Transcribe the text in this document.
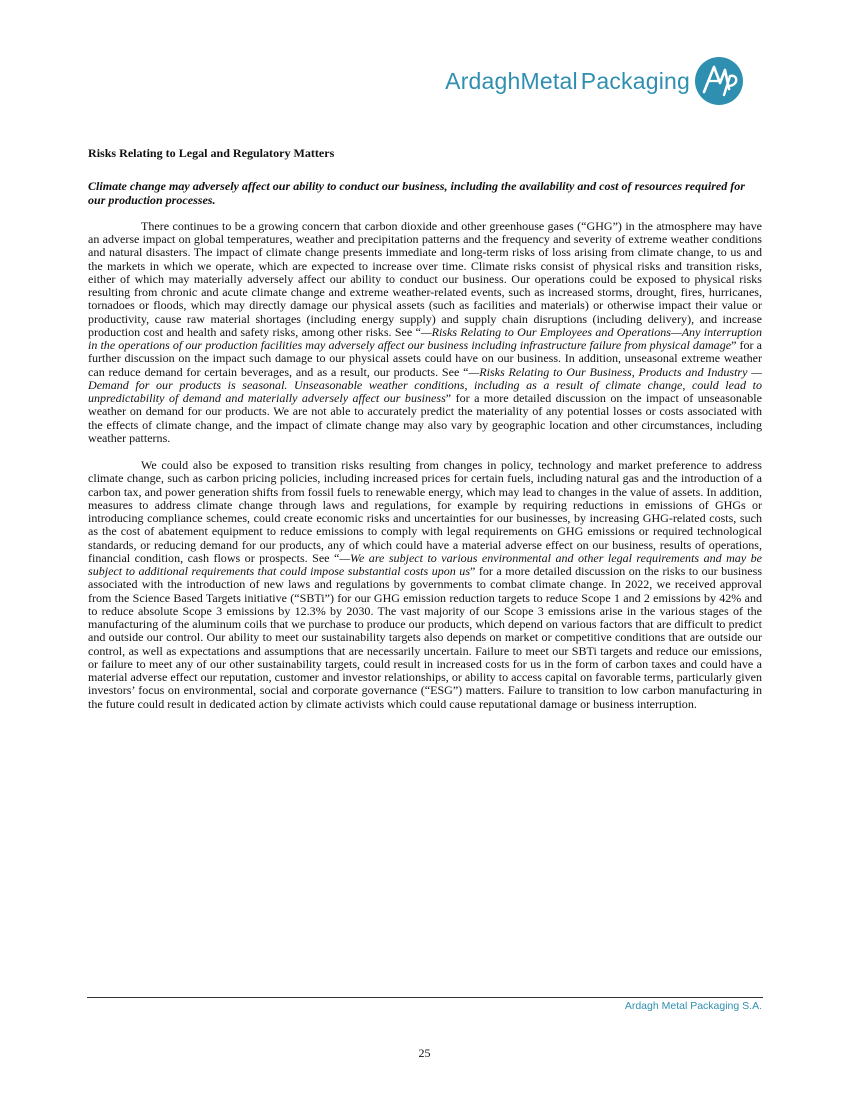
ArdaghMetal Packaging

Risks Relating to Legal and Regulatory Matters

Climate change may adversely affect our ability to conduct our business, including the availability and cost of resources required for our production processes.

There continues to be a growing concern that carbon dioxide and other greenhouse gases (“GHG”) in the atmosphere may have an adverse impact on global temperatures, weather and precipitation patterns and the frequency and severity of extreme weather conditions and natural disasters. The impact of climate change presents immediate and long-term risks of loss arising from climate change, to us and the markets in which we operate, which are expected to increase over time. Climate risks consist of physical risks and transition risks, either of which may materially adversely affect our ability to conduct our business. Our operations could be exposed to physical risks resulting from chronic and acute climate change and extreme weather-related events, such as increased storms, drought, fires, hurricanes, tornadoes or floods, which may directly damage our physical assets (such as facilities and materials) or otherwise impact their value or productivity, cause raw material shortages (including energy supply) and supply chain disruptions (including delivery), and increase production cost and health and safety risks, among other risks. See “—Risks Relating to Our Employees and Operations—Any interruption in the operations of our production facilities may adversely affect our business including infrastructure failure from physical damage” for a further discussion on the impact such damage to our physical assets could have on our business. In addition, unseasonal extreme weather can reduce demand for certain beverages, and as a result, our products. See “—Risks Relating to Our Business, Products and Industry —Demand for our products is seasonal. Unseasonable weather conditions, including as a result of climate change, could lead to unpredictability of demand and materially adversely affect our business” for a more detailed discussion on the impact of unseasonable weather on demand for our products. We are not able to accurately predict the materiality of any potential losses or costs associated with the effects of climate change, and the impact of climate change may also vary by geographic location and other circumstances, including weather patterns.

We could also be exposed to transition risks resulting from changes in policy, technology and market preference to address climate change, such as carbon pricing policies, including increased prices for certain fuels, including natural gas and the introduction of a carbon tax, and power generation shifts from fossil fuels to renewable energy, which may lead to changes in the value of assets. In addition, measures to address climate change through laws and regulations, for example by requiring reductions in emissions of GHGs or introducing compliance schemes, could create economic risks and uncertainties for our businesses, by increasing GHG-related costs, such as the cost of abatement equipment to reduce emissions to comply with legal requirements on GHG emissions or required technological standards, or reducing demand for our products, any of which could have a material adverse effect on our business, results of operations, financial condition, cash flows or prospects. See “—We are subject to various environmental and other legal requirements and may be subject to additional requirements that could impose substantial costs upon us” for a more detailed discussion on the risks to our business associated with the introduction of new laws and regulations by governments to combat climate change. In 2022, we received approval from the Science Based Targets initiative (“SBTi”) for our GHG emission reduction targets to reduce Scope 1 and 2 emissions by 42% and to reduce absolute Scope 3 emissions by 12.3% by 2030. The vast majority of our Scope 3 emissions arise in the various stages of the manufacturing of the aluminum coils that we purchase to produce our products, which depend on various factors that are difficult to predict and outside our control. Our ability to meet our sustainability targets also depends on market or competitive conditions that are outside our control, as well as expectations and assumptions that are necessarily uncertain. Failure to meet our SBTi targets and reduce our emissions, or failure to meet any of our other sustainability targets, could result in increased costs for us in the form of carbon taxes and could have a material adverse effect our reputation, customer and investor relationships, or ability to access capital on favorable terms, particularly given investors’ focus on environmental, social and corporate governance (“ESG”) matters. Failure to transition to low carbon manufacturing in the future could result in dedicated action by climate activists which could cause reputational damage or business interruption.

Ardagh Metal Packaging S.A.
25
